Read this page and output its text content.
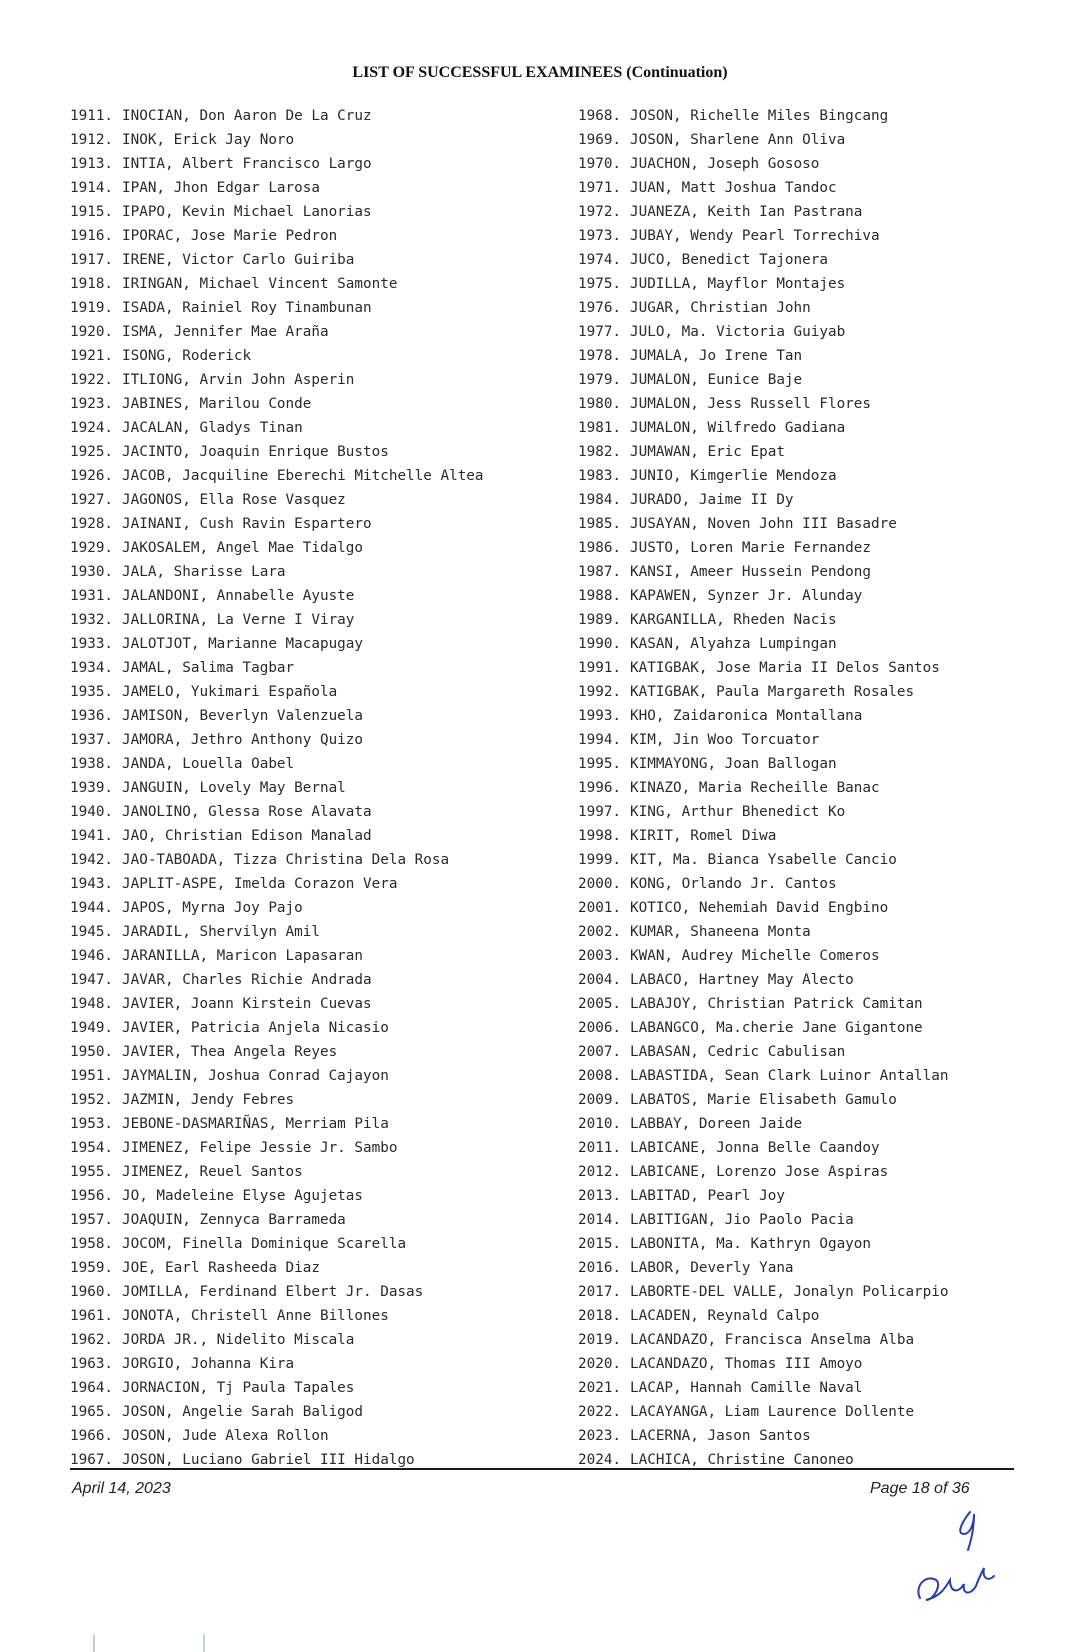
LIST OF SUCCESSFUL EXAMINEES (Continuation)
1911. INOCIAN, Don Aaron De La Cruz
1912. INOK, Erick Jay Noro
1913. INTIA, Albert Francisco Largo
1914. IPAN, Jhon Edgar Larosa
1915. IPAPO, Kevin Michael Lanorias
1916. IPORAC, Jose Marie Pedron
1917. IRENE, Victor Carlo Guiriba
1918. IRINGAN, Michael Vincent Samonte
1919. ISADA, Rainiel Roy Tinambunan
1920. ISMA, Jennifer Mae Araña
1921. ISONG, Roderick
1922. ITLIONG, Arvin John Asperin
1923. JABINES, Marilou Conde
1924. JACALAN, Gladys Tinan
1925. JACINTO, Joaquin Enrique Bustos
1926. JACOB, Jacquiline Eberechi Mitchelle Altea
1927. JAGONOS, Ella Rose Vasquez
1928. JAINANI, Cush Ravin Espartero
1929. JAKOSALEM, Angel Mae Tidalgo
1930. JALA, Sharisse Lara
1931. JALANDONI, Annabelle Ayuste
1932. JALLORINA, La Verne I Viray
1933. JALOTJOT, Marianne Macapugay
1934. JAMAL, Salima Tagbar
1935. JAMELO, Yukimari Española
1936. JAMISON, Beverlyn Valenzuela
1937. JAMORA, Jethro Anthony Quizo
1938. JANDA, Louella Oabel
1939. JANGUIN, Lovely May Bernal
1940. JANOLINO, Glessa Rose Alavata
1941. JAO, Christian Edison Manalad
1942. JAO-TABOADA, Tizza Christina Dela Rosa
1943. JAPLIT-ASPE, Imelda Corazon Vera
1944. JAPOS, Myrna Joy Pajo
1945. JARADIL, Shervilyn Amil
1946. JARANILLA, Maricon Lapasaran
1947. JAVAR, Charles Richie Andrada
1948. JAVIER, Joann Kirstein Cuevas
1949. JAVIER, Patricia Anjela Nicasio
1950. JAVIER, Thea Angela Reyes
1951. JAYMALIN, Joshua Conrad Cajayon
1952. JAZMIN, Jendy Febres
1953. JEBONE-DASMARIÑAS, Merriam Pila
1954. JIMENEZ, Felipe Jessie Jr. Sambo
1955. JIMENEZ, Reuel Santos
1956. JO, Madeleine Elyse Agujetas
1957. JOAQUIN, Zennyca Barrameda
1958. JOCOM, Finella Dominique Scarella
1959. JOE, Earl Rasheeda Diaz
1960. JOMILLA, Ferdinand Elbert Jr. Dasas
1961. JONOTA, Christell Anne Billones
1962. JORDA JR., Nidelito Miscala
1963. JORGIO, Johanna Kira
1964. JORNACION, Tj Paula Tapales
1965. JOSON, Angelie Sarah Baligod
1966. JOSON, Jude Alexa Rollon
1967. JOSON, Luciano Gabriel III Hidalgo
1968. JOSON, Richelle Miles Bingcang
1969. JOSON, Sharlene Ann Oliva
1970. JUACHON, Joseph Gososo
1971. JUAN, Matt Joshua Tandoc
1972. JUANEZA, Keith Ian Pastrana
1973. JUBAY, Wendy Pearl Torrechiva
1974. JUCO, Benedict Tajonera
1975. JUDILLA, Mayflor Montajes
1976. JUGAR, Christian John
1977. JULO, Ma. Victoria Guiyab
1978. JUMALA, Jo Irene Tan
1979. JUMALON, Eunice Baje
1980. JUMALON, Jess Russell Flores
1981. JUMALON, Wilfredo Gadiana
1982. JUMAWAN, Eric Epat
1983. JUNIO, Kimgerlie Mendoza
1984. JURADO, Jaime II Dy
1985. JUSAYAN, Noven John III Basadre
1986. JUSTO, Loren Marie Fernandez
1987. KANSI, Ameer Hussein Pendong
1988. KAPAWEN, Synzer Jr. Alunday
1989. KARGANILLA, Rheden Nacis
1990. KASAN, Alyahza Lumpingan
1991. KATIGBAK, Jose Maria II Delos Santos
1992. KATIGBAK, Paula Margareth Rosales
1993. KHO, Zaidaronica Montallana
1994. KIM, Jin Woo Torcuator
1995. KIMMAYONG, Joan Ballogan
1996. KINAZO, Maria Recheille Banac
1997. KING, Arthur Bhenedict Ko
1998. KIRIT, Romel Diwa
1999. KIT, Ma. Bianca Ysabelle Cancio
2000. KONG, Orlando Jr. Cantos
2001. KOTICO, Nehemiah David Engbino
2002. KUMAR, Shaneena Monta
2003. KWAN, Audrey Michelle Comeros
2004. LABACO, Hartney May Alecto
2005. LABAJOY, Christian Patrick Camitan
2006. LABANGCO, Ma.cherie Jane Gigantone
2007. LABASAN, Cedric Cabulisan
2008. LABASTIDA, Sean Clark Luinor Antallan
2009. LABATOS, Marie Elisabeth Gamulo
2010. LABBAY, Doreen Jaide
2011. LABICANE, Jonna Belle Caandoy
2012. LABICANE, Lorenzo Jose Aspiras
2013. LABITAD, Pearl Joy
2014. LABITIGAN, Jio Paolo Pacia
2015. LABONITA, Ma. Kathryn Ogayon
2016. LABOR, Deverly Yana
2017. LABORTE-DEL VALLE, Jonalyn Policarpio
2018. LACADEN, Reynald Calpo
2019. LACANDAZO, Francisca Anselma Alba
2020. LACANDAZO, Thomas III Amoyo
2021. LACAP, Hannah Camille Naval
2022. LACAYANGA, Liam Laurence Dollente
2023. LACERNA, Jason Santos
2024. LACHICA, Christine Canoneo
April 14, 2023	Page 18 of 36
